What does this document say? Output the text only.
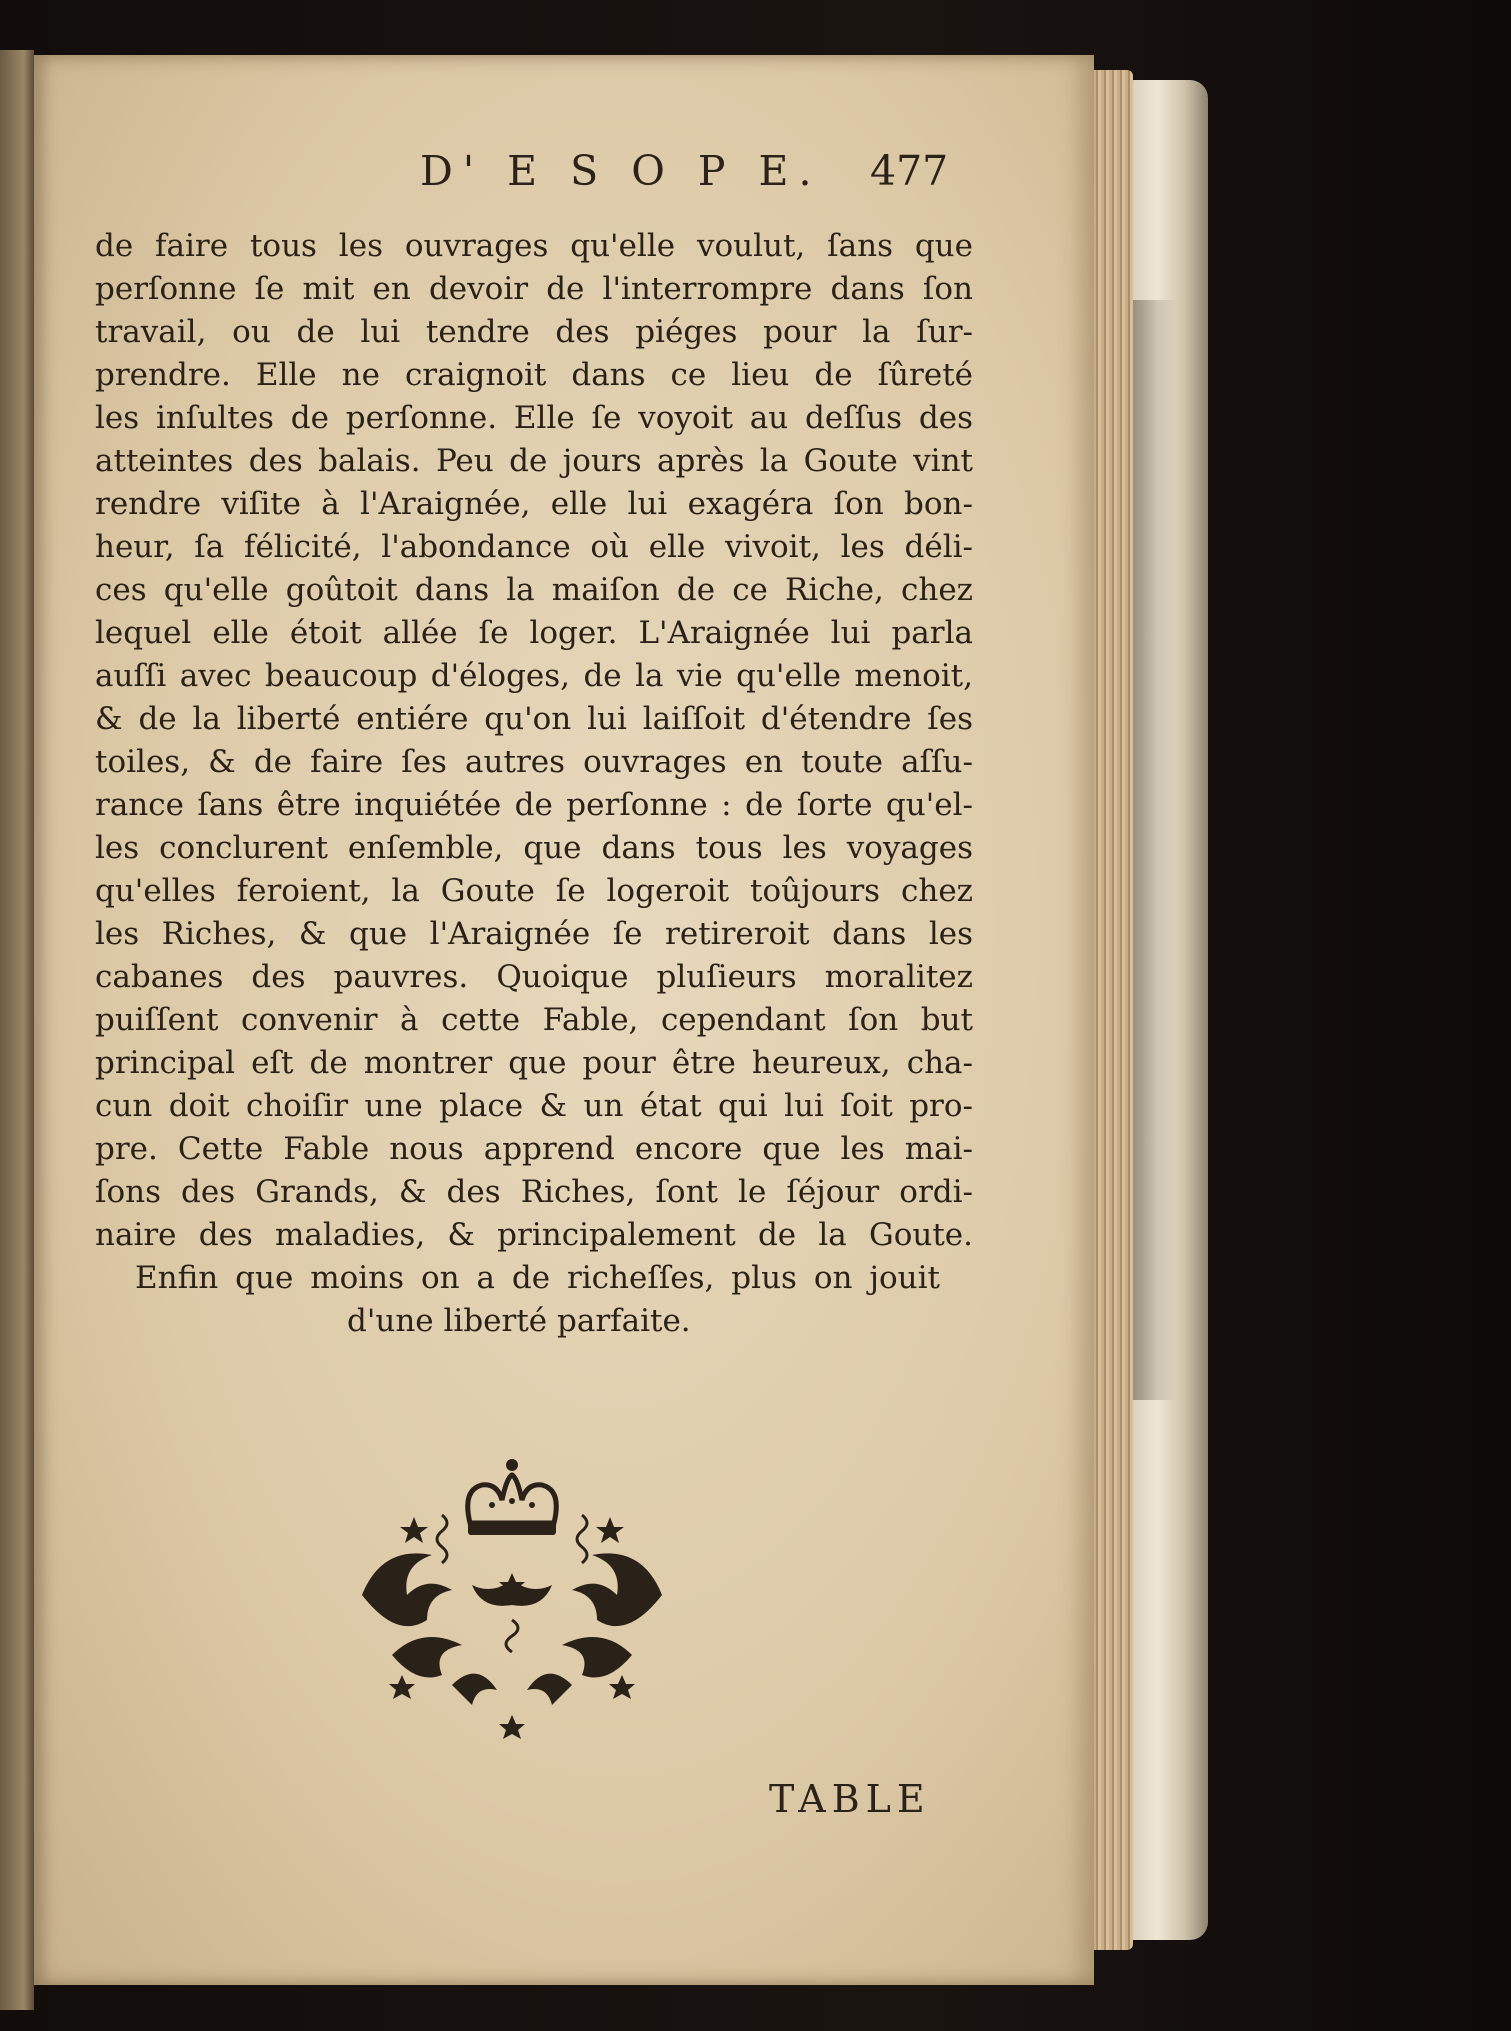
D' E S O P E. 477
de faire tous les ouvrages qu'elle voulut, ſans que
perſonne ſe mit en devoir de l'interrompre dans ſon
travail, ou de lui tendre des piéges pour la ſur-
prendre. Elle ne craignoit dans ce lieu de ſûreté
les inſultes de perſonne. Elle ſe voyoit au deſſus des
atteintes des balais. Peu de jours après la Goute vint
rendre viſite à l'Araignée, elle lui exagéra ſon bon-
heur, ſa félicité, l'abondance où elle vivoit, les déli-
ces qu'elle goûtoit dans la maiſon de ce Riche, chez
lequel elle étoit allée ſe loger. L'Araignée lui parla
auſſi avec beaucoup d'éloges, de la vie qu'elle menoit,
& de la liberté entiére qu'on lui laiſſoit d'étendre ſes
toiles, & de faire ſes autres ouvrages en toute aſſu-
rance ſans être inquiétée de perſonne : de ſorte qu'el-
les conclurent enſemble, que dans tous les voyages
qu'elles feroient, la Goute ſe logeroit toûjours chez
les Riches, & que l'Araignée ſe retireroit dans les
cabanes des pauvres. Quoique pluſieurs moralitez
puiſſent convenir à cette Fable, cependant ſon but
principal eſt de montrer que pour être heureux, cha-
cun doit choiſir une place & un état qui lui ſoit pro-
pre. Cette Fable nous apprend encore que les mai-
ſons des Grands, & des Riches, ſont le ſéjour ordi-
naire des maladies, & principalement de la Goute.
Enfin que moins on a de richeſſes, plus on jouit
d'une liberté parfaite.
TABLE
